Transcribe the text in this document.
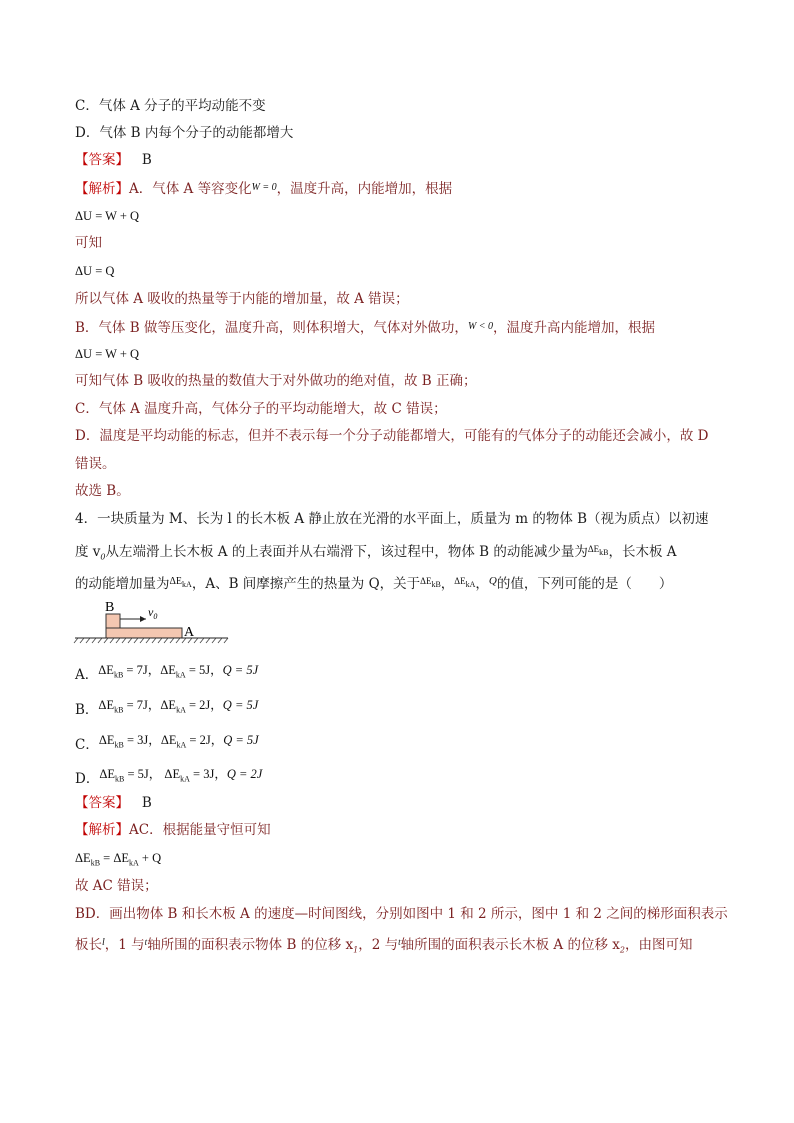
C．气体 A 分子的平均动能不变
D．气体 B 内每个分子的动能都增大
【答案】 B
【解析】A．气体 A 等容变化$^{W = 0}$，温度升高，内能增加，根据
ΔU = W + Q
可知
ΔU = Q
所以气体 A 吸收的热量等于内能的增加量，故 A 错误；
B．气体 B 做等压变化，温度升高，则体积增大，气体对外做功，$^{W < 0}$，温度升高内能增加，根据
ΔU = W + Q
可知气体 B 吸收的热量的数值大于对外做功的绝对值，故 B 正确；
C．气体 A 温度升高，气体分子的平均动能增大，故 C 错误；
D．温度是平均动能的标志，但并不表示每一个分子动能都增大，可能有的气体分子的动能还会减小，故 D
错误。
故选 B。
4．一块质量为 M、长为 l 的长木板 A 静止放在光滑的水平面上，质量为 m 的物体 B（视为质点）以初速
度 $v_0$从左端滑上长木板 A 的上表面并从右端滑下，该过程中，物体 B 的动能减少量为$^{\Delta E_{kB}}$，长木板 A
的动能增加量为$^{\Delta E_{kA}}$，A、B 间摩擦产生的热量为 Q，关于$^{\Delta E_{kB}}$，$^{\Delta E_{kA}}$，$^Q$的值，下列可能的是（　　）
B	$v_0$
A
A．$\Delta E_{kB} = 7J$，$\Delta E_{kA} = 5J$，Q = 5J
B．$\Delta E_{kB} = 7J$，$\Delta E_{kA} = 2J$，Q = 5J
C．$\Delta E_{kB} = 3J$，$\Delta E_{kA} = 2J$，Q = 5J
D．$\Delta E_{kB} = 5J$， $\Delta E_{kA} = 3J$，Q = 2J
【答案】 B
【解析】AC．根据能量守恒可知
$\Delta E_{kB} = \Delta E_{kA} + Q$
故 AC 错误；
BD．画出物体 B 和长木板 A 的速度—时间图线，分别如图中 1 和 2 所示，图中 1 和 2 之间的梯形面积表示
板长$^l$，1 与$^t$轴所围的面积表示物体 B 的位移 $x_1$，2 与$^t$轴所围的面积表示长木板 A 的位移 $x_2$，由图可知
